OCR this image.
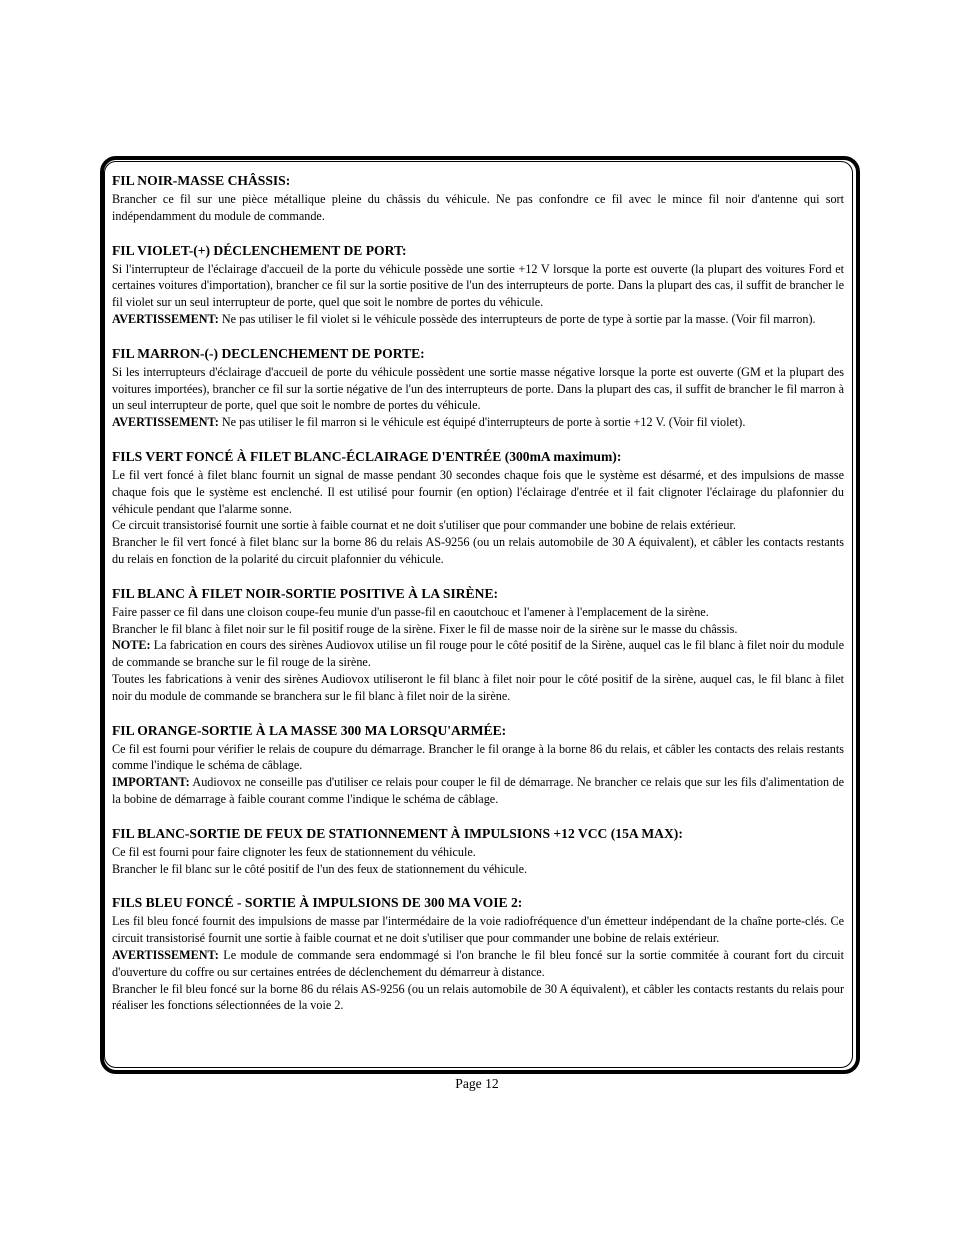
FIL NOIR-MASSE CHÂSSIS:

Brancher ce fil sur une pièce métallique pleine du châssis du véhicule. Ne pas confondre ce fil avec le mince fil noir d'antenne qui sort indépendamment du module de commande.

FIL VIOLET-(+) DÉCLENCHEMENT DE PORT:

Si l'interrupteur de l'éclairage d'accueil de la porte du véhicule possède une sortie +12 V lorsque la porte est ouverte (la plupart des voitures Ford et certaines voitures d'importation), brancher ce fil sur la sortie positive de l'un des interrupteurs de porte. Dans la plupart des cas, il suffit de brancher le fil violet sur un seul interrupteur de porte, quel que soit le nombre de portes du véhicule.

AVERTISSEMENT: Ne pas utiliser le fil violet si le véhicule possède des interrupteurs de porte de type à sortie par la masse. (Voir fil marron).

FIL MARRON-(-) DECLENCHEMENT DE PORTE:

Si les interrupteurs d'éclairage d'accueil de porte du véhicule possèdent une sortie masse négative lorsque la porte est ouverte (GM et la plupart des voitures importées), brancher ce fil sur la sortie négative de l'un des interrupteurs de porte. Dans la plupart des cas, il suffit de brancher le fil marron à un seul interrupteur de porte, quel que soit le nombre de portes du véhicule.

AVERTISSEMENT: Ne pas utiliser le fil marron si le véhicule est équipé d'interrupteurs de porte à sortie +12 V. (Voir fil violet).

FILS VERT FONCÉ À FILET BLANC-ÉCLAIRAGE D'ENTRÉE (300mA maximum):

Le fil vert foncé à filet blanc fournit un signal de masse pendant 30 secondes chaque fois que le système est désarmé, et des impulsions de masse chaque fois que le système est enclenché. Il est utilisé pour fournir (en option) l'éclairage d'entrée et il fait clignoter l'éclairage du plafonnier du véhicule pendant que l'alarme sonne.

Ce circuit transistorisé fournit une sortie à faible cournat et ne doit s'utiliser que pour commander une bobine de relais extérieur.

Brancher le fil vert foncé à filet blanc sur la borne 86 du relais AS-9256 (ou un relais automobile de 30 A équivalent), et câbler les contacts restants du relais en fonction de la polarité du circuit plafonnier du véhicule.

FIL BLANC À FILET NOIR-SORTIE POSITIVE À LA SIRÈNE:

Faire passer ce fil dans une cloison coupe-feu munie d'un passe-fil en caoutchouc et l'amener à l'emplacement de la sirène.

Brancher le fil blanc à filet noir sur le fil positif rouge de la sirène. Fixer le fil de masse noir de la sirène sur le masse du châssis.

NOTE: La fabrication en cours des sirènes Audiovox utilise un fil rouge pour le côté positif de la Sirène, auquel cas le fil blanc à filet noir du module de commande se branche sur le fil rouge de la sirène.

Toutes les fabrications à venir des sirènes Audiovox utiliseront le fil blanc à filet noir pour le côté positif de la sirène, auquel cas, le fil blanc à filet noir du module de commande se branchera sur le fil blanc à filet noir de la sirène.

FIL ORANGE-SORTIE À LA MASSE 300 MA LORSQU'ARMÉE:

Ce fil est fourni pour vérifier le relais de coupure du démarrage. Brancher le fil orange à la borne 86 du relais, et câbler les contacts des relais restants comme l'indique le schéma de câblage.

IMPORTANT: Audiovox ne conseille pas d'utiliser ce relais pour couper le fil de démarrage. Ne brancher ce relais que sur les fils d'alimentation de la bobine de démarrage à faible courant comme l'indique le schéma de câblage.

FIL BLANC-SORTIE DE FEUX DE STATIONNEMENT À IMPULSIONS +12 VCC (15A MAX):

Ce fil est fourni pour faire clignoter les feux de stationnement du véhicule.

Brancher le fil blanc sur le côté positif de l'un des feux de stationnement du véhicule.

FILS BLEU FONCÉ - SORTIE À IMPULSIONS DE 300 MA VOIE 2:

Les fil bleu foncé fournit des impulsions de masse par l'intermédaire de la voie radiofréquence d'un émetteur indépendant de la chaîne porte-clés. Ce circuit transistorisé fournit une sortie à faible cournat et ne doit s'utiliser que pour commander une bobine de relais extérieur.

AVERTISSEMENT: Le module de commande sera endommagé si l'on branche le fil bleu foncé sur la sortie commitée à courant fort du circuit d'ouverture du coffre ou sur certaines entrées de déclenchement du démarreur à distance.

Brancher le fil bleu foncé sur la borne 86 du rélais AS-9256 (ou un relais automobile de 30 A équivalent), et câbler les contacts restants du relais pour réaliser les fonctions sélectionnées de la voie 2.

Page 12
